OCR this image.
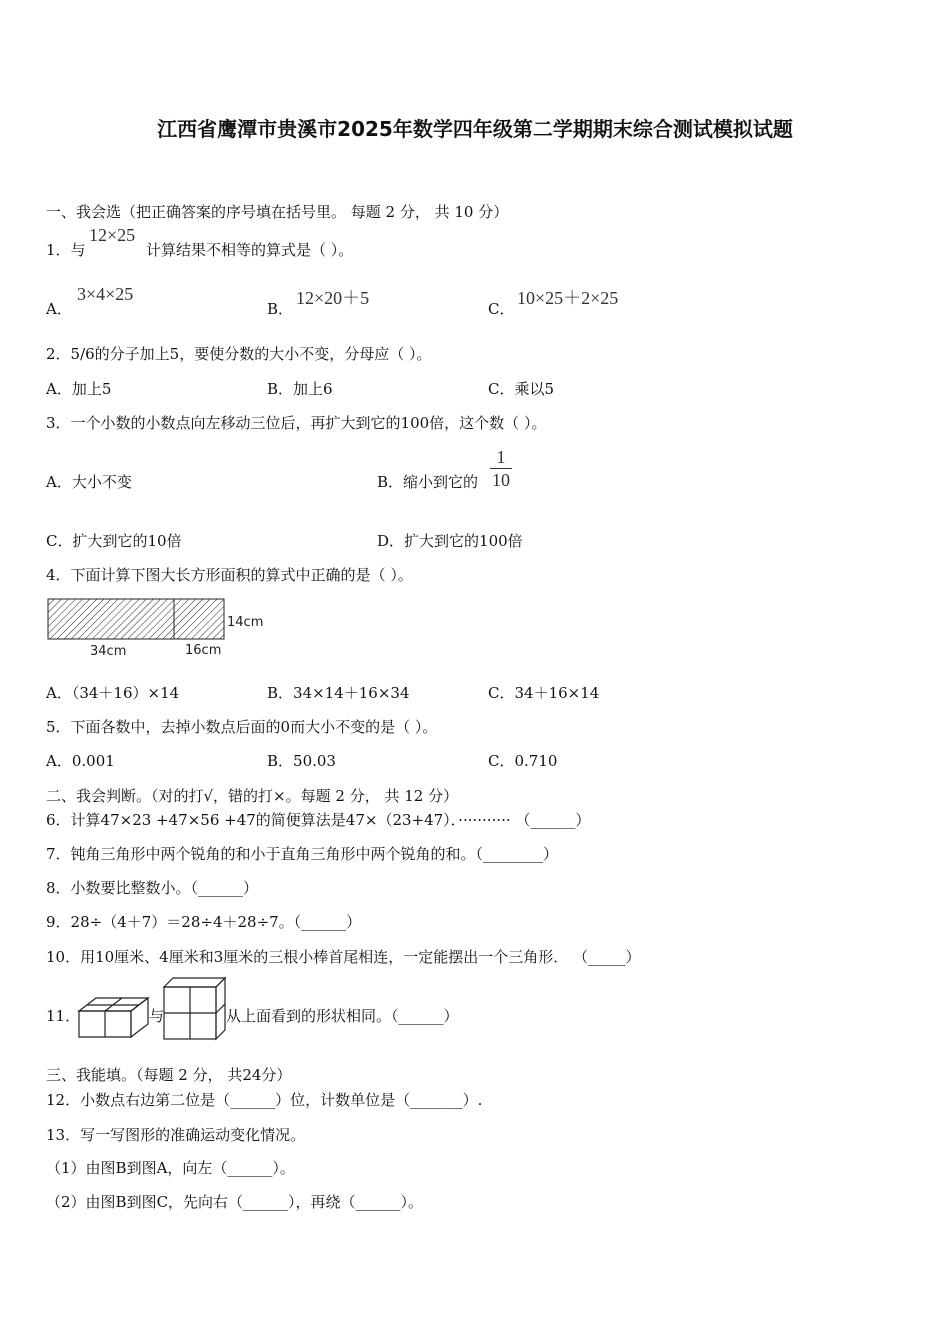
江西省鹰潭市贵溪市2025年数学四年级第二学期期末综合测试模拟试题
一、我会选（把正确答案的序号填在括号里。 每题 2 分， 共 10 分）
1．与
12×25
计算结果不相等的算式是（ ）。
A．
3×4×25
B．
12×20＋5
C．
10×25＋2×25
2．5/6的分子加上5，要使分数的大小不变，分母应（ ）。
A．加上5	B．加上6	C．乘以5
3．一个小数的小数点向左移动三位后，再扩大到它的100倍，这个数（ ）。
A．大小不变	B．缩小到它的
1
10
C．扩大到它的10倍	D．扩大到它的100倍
4．下面计算下图大长方形面积的算式中正确的是（ ）。
14cm
34cm	16cm
A．（34＋16）×14	B．34×14＋16×34	C．34＋16×14
5．下面各数中，去掉小数点后面的0而大小不变的是（ ）。
A．0.001	B．50.03	C．0.710
二、我会判断。（对的打√，错的打×。每题 2 分， 共 12 分）
6．计算47×23 +47×56 +47的简便算法是47×（23+47）．··········· （______）
7．钝角三角形中两个锐角的和小于直角三角形中两个锐角的和。（________）
8．小数要比整数小。（______）
9．28÷（4＋7）＝28÷4＋28÷7。（______）
10．用10厘米、4厘米和3厘米的三根小棒首尾相连，一定能摆出一个三角形． （_____）
11．	与	从上面看到的形状相同。（______）
三、我能填。（每题 2 分， 共24分）
12．小数点右边第二位是（______）位，计数单位是（_______）.
13．写一写图形的准确运动变化情况。
（1）由图B到图A，向左（______）。
（2）由图B到图C，先向右（______），再绕（______）。
